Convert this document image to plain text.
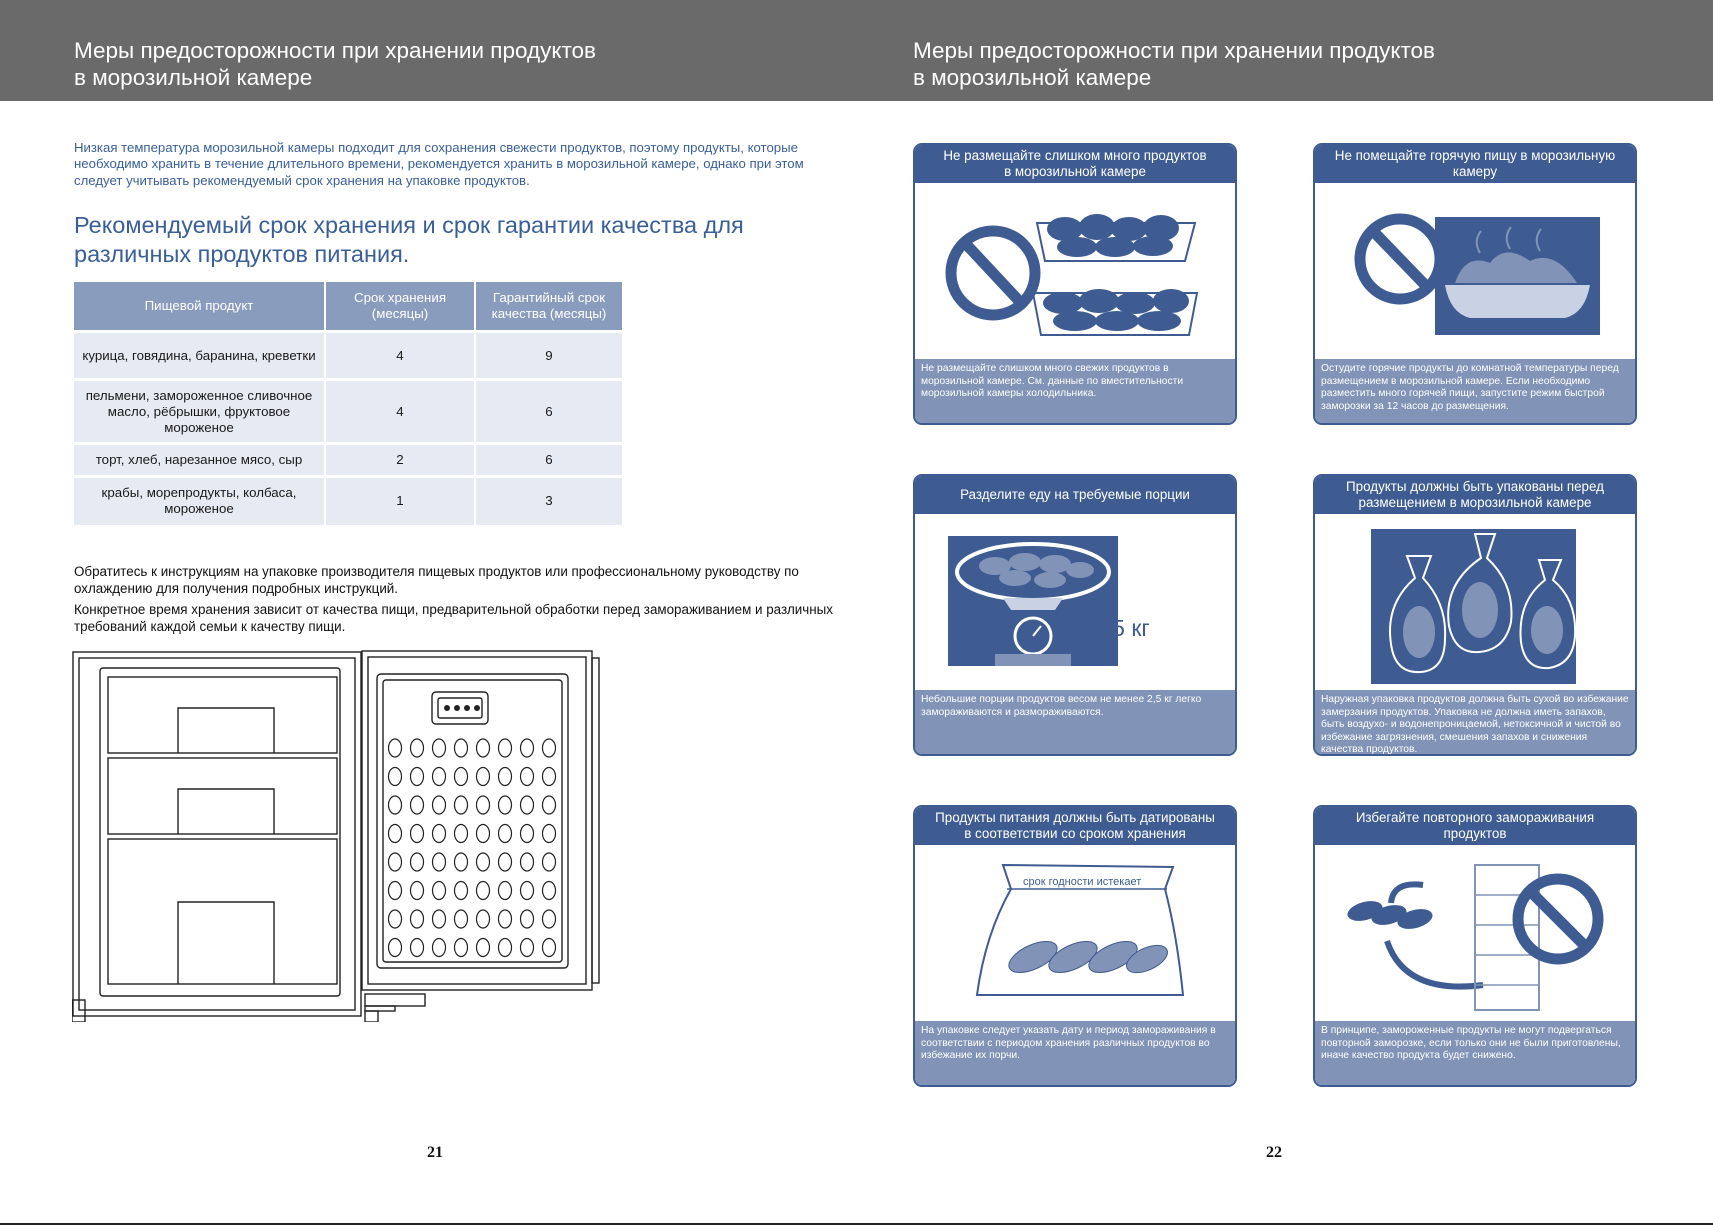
Меры предосторожности при хранении продуктов
в морозильной камере

Низкая температура морозильной камеры подходит для сохранения свежести продуктов, поэтому продукты, которые необходимо хранить в течение длительного времени, рекомендуется хранить в морозильной камере, однако при этом следует учитывать рекомендуемый срок хранения на упаковке продуктов.

Рекомендуемый срок хранения и срок гарантии качества для
различных продуктов питания.
Пищевой продукт	Срок хранения (месяцы)	Гарантийный срок качества (месяцы)
курица, говядина, баранина, креветки	4	9
пельмени, замороженное сливочное масло, рёбрышки, фруктовое мороженое	4	6
торт, хлеб, нарезанное мясо, сыр	2	6
крабы, морепродукты, колбаса, мороженое	1	3

Обратитесь к инструкциям на упаковке производителя пищевых продуктов или профессиональному руководству по охлаждению для получения подробных инструкций.

Конкретное время хранения зависит от качества пищи, предварительной обработки перед замораживанием и различных требований каждой семьи к качеству пищи.

21
Меры предосторожности при хранении продуктов
в морозильной камере
Не размещайте слишком много продуктов
в морозильной камере
Не размещайте слишком много свежих продуктов в морозильной камере. См. данные по вместительности морозильной камеры холодильника.
Не помещайте горячую пищу в морозильную
камеру
Остудите горячие продукты до комнатной температуры перед размещением в морозильной камере. Если необходимо разместить много горячей пищи, запустите режим быстрой заморозки за 12 часов до размещения.
Разделите еду на требуемые порции
2,5 кг
Небольшие порции продуктов весом не менее 2,5 кг легко замораживаются и размораживаются.
Продукты должны быть упакованы перед
размещением в морозильной камере
Наружная упаковка продуктов должна быть сухой во избежание замерзания продуктов. Упаковка не должна иметь запахов, быть воздухо- и водонепроницаемой, нетоксичной и чистой во избежание загрязнения, смешения запахов и снижения качества продуктов.
Продукты питания должны быть датированы
в соответствии со сроком хранения
срок годности истекает
На упаковке следует указать дату и период замораживания в соответствии с периодом хранения различных продуктов во избежание их порчи.
Избегайте повторного замораживания
продуктов
В принципе, замороженные продукты не могут подвергаться повторной заморозке, если только они не были приготовлены, иначе качество продукта будет снижено.
22
